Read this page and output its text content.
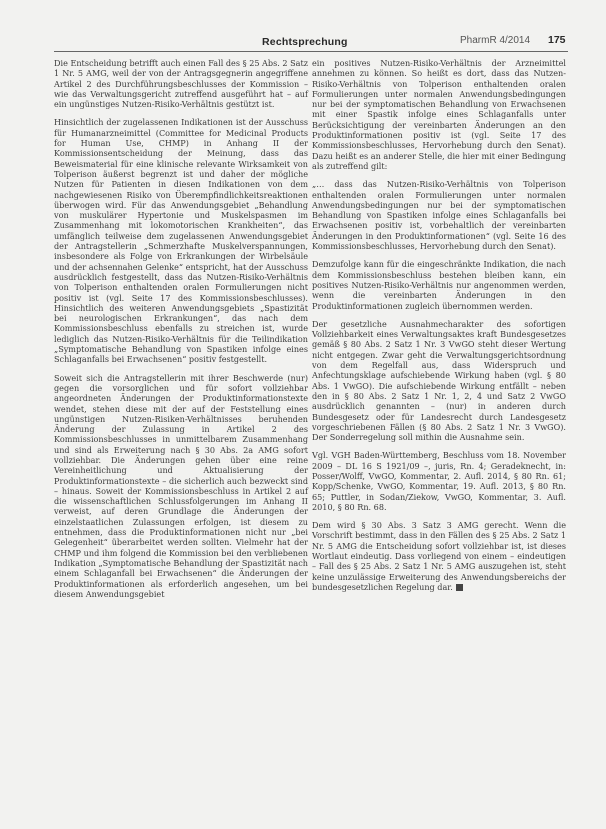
Rechtsprechung	PharmR 4/2014 175

Die Entscheidung betrifft auch einen Fall des § 25 Abs. 2 Satz 1 Nr. 5 AMG, weil der von der Antragsgegnerin angegriffene Artikel 2 des Durchführungsbeschlusses der Kommission – wie das Verwaltungsgericht zutreffend ausgeführt hat – auf ein ungünstiges Nutzen-Risiko-Verhältnis gestützt ist.

Hinsichtlich der zugelassenen Indikationen ist der Ausschuss für Humanarzneimittel (Committee for Medicinal Products for Human Use, CHMP) in Anhang II der Kommissionsentscheidung der Meinung, dass das Beweismaterial für eine klinische relevante Wirksamkeit von Tolperison äußerst begrenzt ist und daher der mögliche Nutzen für Patienten in diesen Indikationen von dem nachgewiesenen Risiko von Überempfindlichkeitsreaktionen überwogen wird. Für das Anwendungsgebiet „Behandlung von muskulärer Hypertonie und Muskelspasmen im Zusammenhang mit lokomotorischen Krankheiten“, das umfänglich teilweise dem zugelassenen Anwendungsgebiet der Antragstellerin „Schmerzhafte Muskelverspannungen, insbesondere als Folge von Erkrankungen der Wirbelsäule und der achsennahen Gelenke“ entspricht, hat der Ausschuss ausdrücklich festgestellt, dass das Nutzen-Risiko-Verhältnis von Tolperison enthaltenden oralen Formulierungen nicht positiv ist (vgl. Seite 17 des Kommissionsbeschlusses). Hinsichtlich des weiteren Anwendungsgebiets „Spastizität bei neurologischen Erkrankungen“, das nach dem Kommissionsbeschluss ebenfalls zu streichen ist, wurde lediglich das Nutzen-Risiko-Verhältnis für die Teilindikation „Symptomatische Behandlung von Spastiken infolge eines Schlaganfalls bei Erwachsenen“ positiv festgestellt.

Soweit sich die Antragstellerin mit ihrer Beschwerde (nur) gegen die vorsorglichen und für sofort vollziehbar angeordneten Änderungen der Produktinformationstexte wendet, stehen diese mit der auf der Feststellung eines ungünstigen Nutzen-Risiken-Verhältnisses beruhenden Änderung der Zulassung in Artikel 2 des Kommissionsbeschlusses in unmittelbarem Zusammenhang und sind als Erweiterung nach § 30 Abs. 2a AMG sofort vollziehbar. Die Änderungen gehen über eine reine Vereinheitlichung und Aktualisierung der Produktinformationstexte – die sicherlich auch bezweckt sind – hinaus. Soweit der Kommissionsbeschluss in Artikel 2 auf die wissenschaftlichen Schlussfolgerungen im Anhang II verweist, auf deren Grundlage die Änderungen der einzelstaatlichen Zulassungen erfolgen, ist diesem zu entnehmen, dass die Produktinformationen nicht nur „bei Gelegenheit“ überarbeitet werden sollten. Vielmehr hat der CHMP und ihm folgend die Kommission bei den verbliebenen Indikation „Symptomatische Behandlung der Spastizität nach einem Schlaganfall bei Erwachsenen“ die Änderungen der Produktinformationen als erforderlich angesehen, um bei diesem Anwendungsgebiet

ein positives Nutzen-Risiko-Verhältnis der Arzneimittel annehmen zu können. So heißt es dort, dass das Nutzen-Risiko-Verhältnis von Tolperison enthaltenden oralen Formulierungen unter normalen Anwendungsbedingungen nur bei der symptomatischen Behandlung von Erwachsenen mit einer Spastik infolge eines Schlaganfalls unter Berücksichtigung der vereinbarten Änderungen an den Produktinformationen positiv ist (vgl. Seite 17 des Kommissionsbeschlusses, Hervorhebung durch den Senat). Dazu heißt es an anderer Stelle, die hier mit einer Bedingung als zutreffend gilt:

„… dass das Nutzen-Risiko-Verhältnis von Tolperison enthaltenden oralen Formulierungen unter normalen Anwendungsbedingungen nur bei der symptomatischen Behandlung von Spastiken infolge eines Schlaganfalls bei Erwachsenen positiv ist, vorbehaltlich der vereinbarten Änderungen in den Produktinformationen“ (vgl. Seite 16 des Kommissionsbeschlusses, Hervorhebung durch den Senat).

Demzufolge kann für die eingeschränkte Indikation, die nach dem Kommissionsbeschluss bestehen bleiben kann, ein positives Nutzen-Risiko-Verhältnis nur angenommen werden, wenn die vereinbarten Änderungen in den Produktinformationen zugleich übernommen werden.

Der gesetzliche Ausnahmecharakter des sofortigen Vollziehbarkeit eines Verwaltungsaktes kraft Bundesgesetzes gemäß § 80 Abs. 2 Satz 1 Nr. 3 VwGO steht dieser Wertung nicht entgegen. Zwar geht die Verwaltungsgerichtsordnung von dem Regelfall aus, dass Widerspruch und Anfechtungsklage aufschiebende Wirkung haben (vgl. § 80 Abs. 1 VwGO). Die aufschiebende Wirkung entfällt – neben den in § 80 Abs. 2 Satz 1 Nr. 1, 2, 4 und Satz 2 VwGO ausdrücklich genannten – (nur) in anderen durch Bundesgesetz oder für Landesrecht durch Landesgesetz vorgeschriebenen Fällen (§ 80 Abs. 2 Satz 1 Nr. 3 VwGO). Der Sonderregelung soll mithin die Ausnahme sein.

Vgl. VGH Baden-Württemberg, Beschluss vom 18. November 2009 – DL 16 S 1921/09 –, juris, Rn. 4; Geradeknecht, in: Posser/Wolff, VwGO, Kommentar, 2. Aufl. 2014, § 80 Rn. 61; Kopp/Schenke, VwGO, Kommentar, 19. Aufl. 2013, § 80 Rn. 65; Puttler, in Sodan/Ziekow, VwGO, Kommentar, 3. Aufl. 2010, § 80 Rn. 68.

Dem wird § 30 Abs. 3 Satz 3 AMG gerecht. Wenn die Vorschrift bestimmt, dass in den Fällen des § 25 Abs. 2 Satz 1 Nr. 5 AMG die Entscheidung sofort vollziehbar ist, ist dieses Wortlaut eindeutig. Dass vorliegend von einem – eindeutigen – Fall des § 25 Abs. 2 Satz 1 Nr. 5 AMG auszugehen ist, steht keine unzulässige Erweiterung des Anwendungsbereichs der bundesgesetzlichen Regelung dar.
